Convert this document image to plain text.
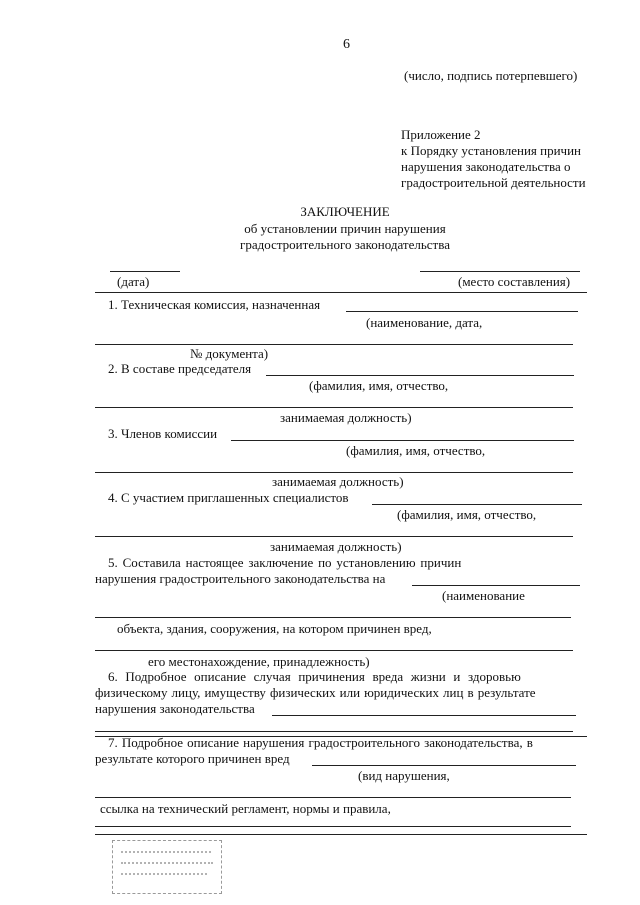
6
(число, подпись потерпевшего)
Приложение 2
к Порядку установления причин
нарушения законодательства о
градостроительной деятельности
ЗАКЛЮЧЕНИЕ
об установлении причин нарушения
градостроительного законодательства
(дата)	(место составления)
1. Техническая комиссия, назначенная
(наименование, дата,
№ документа)
2. В составе председателя
(фамилия, имя, отчество,
занимаемая должность)
3. Членов комиссии
(фамилия, имя, отчество,
занимаемая должность)
4. С участием приглашенных специалистов
(фамилия, имя, отчество,
занимаемая должность)
5. Составила настоящее заключение по установлению причин
нарушения градостроительного законодательства на
(наименование
объекта, здания, сооружения, на котором причинен вред,
его местонахождение, принадлежность)
6. Подробное описание случая причинения вреда жизни и здоровью
физическому лицу, имуществу физических или юридических лиц в результате
нарушения законодательства
7. Подробное описание нарушения градостроительного законодательства, в
результате которого причинен вред
(вид нарушения,
ссылка на технический регламент, нормы и правила,
